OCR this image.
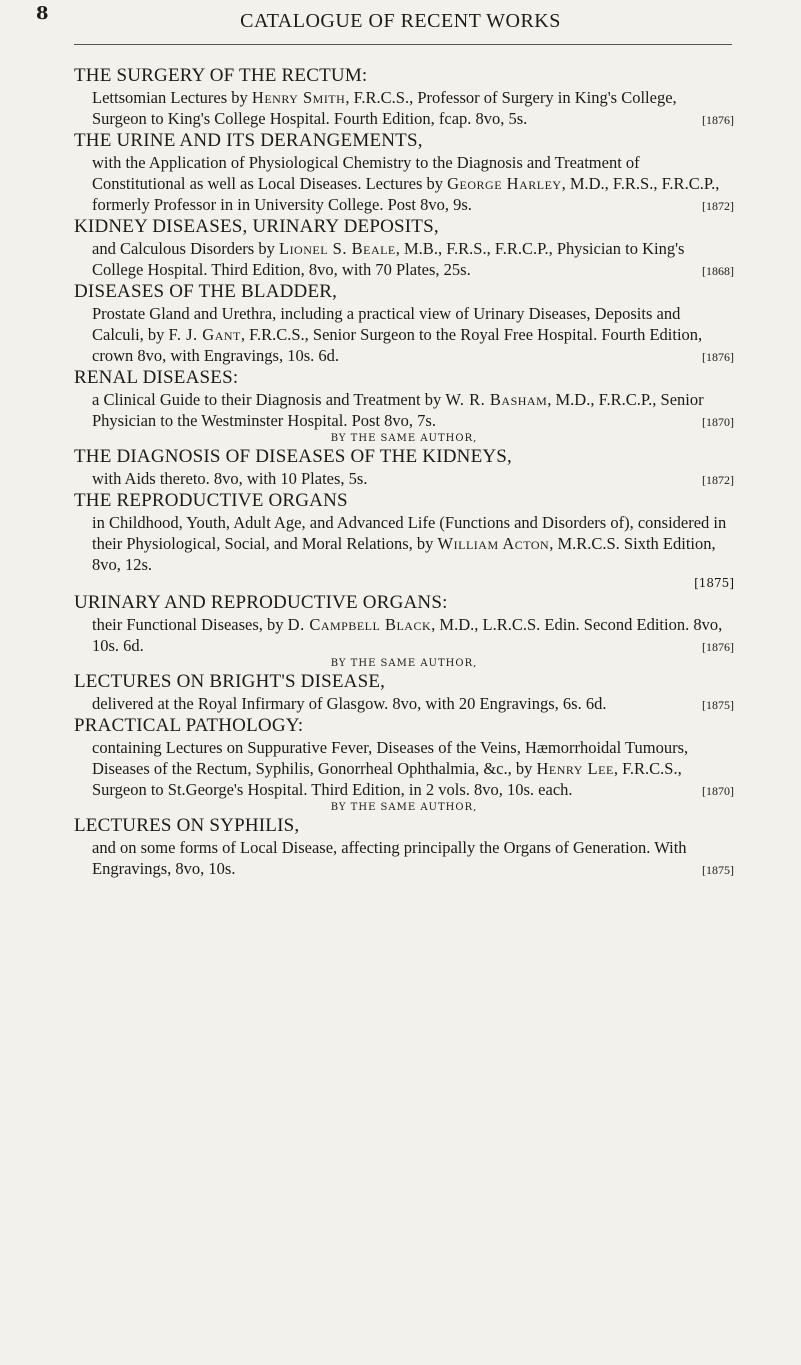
8	CATALOGUE OF RECENT WORKS
THE SURGERY OF THE RECTUM:

Lettsomian Lectures by Henry Smith, F.R.C.S., Professor of Surgery in King's College, Surgeon to King's College Hospital. Fourth Edition, fcap. 8vo, 5s.	[1876]

THE URINE AND ITS DERANGEMENTS,

with the Application of Physiological Chemistry to the Diagnosis and Treatment of Constitutional as well as Local Diseases. Lectures by George Harley, M.D., F.R.S., F.R.C.P., formerly Professor in in University College. Post 8vo, 9s.	[1872]

KIDNEY DISEASES, URINARY DEPOSITS,

and Calculous Disorders by Lionel S. Beale, M.B., F.R.S., F.R.C.P., Physician to King's College Hospital. Third Edition, 8vo, with 70 Plates, 25s.	[1868]

DISEASES OF THE BLADDER,

Prostate Gland and Urethra, including a practical view of Urinary Diseases, Deposits and Calculi, by F. J. Gant, F.R.C.S., Senior Surgeon to the Royal Free Hospital. Fourth Edition, crown 8vo, with Engravings, 10s. 6d.	[1876]

RENAL DISEASES:

a Clinical Guide to their Diagnosis and Treatment by W. R. Basham, M.D., F.R.C.P., Senior Physician to the Westminster Hospital. Post 8vo, 7s.	[1870]

BY THE SAME AUTHOR,
THE DIAGNOSIS OF DISEASES OF THE KIDNEYS,

with Aids thereto. 8vo, with 10 Plates, 5s.	[1872]

THE REPRODUCTIVE ORGANS

in Childhood, Youth, Adult Age, and Advanced Life (Functions and Disorders of), considered in their Physiological, Social, and Moral Relations, by William Acton, M.R.C.S. Sixth Edition, 8vo, 12s.

[1875]
URINARY AND REPRODUCTIVE ORGANS:

their Functional Diseases, by D. Campbell Black, M.D., L.R.C.S. Edin. Second Edition. 8vo, 10s. 6d.	[1876]

BY THE SAME AUTHOR,
LECTURES ON BRIGHT'S DISEASE,

delivered at the Royal Infirmary of Glasgow. 8vo, with 20 Engravings, 6s. 6d.	[1875]

PRACTICAL PATHOLOGY:

containing Lectures on Suppurative Fever, Diseases of the Veins, Hæmorrhoidal Tumours, Diseases of the Rectum, Syphilis, Gonorrheal Ophthalmia, &c., by Henry Lee, F.R.C.S., Surgeon to St.George's Hospital. Third Edition, in 2 vols. 8vo, 10s. each.	[1870]

BY THE SAME AUTHOR,
LECTURES ON SYPHILIS,

and on some forms of Local Disease, affecting principally the Organs of Generation. With Engravings, 8vo, 10s.	[1875]
